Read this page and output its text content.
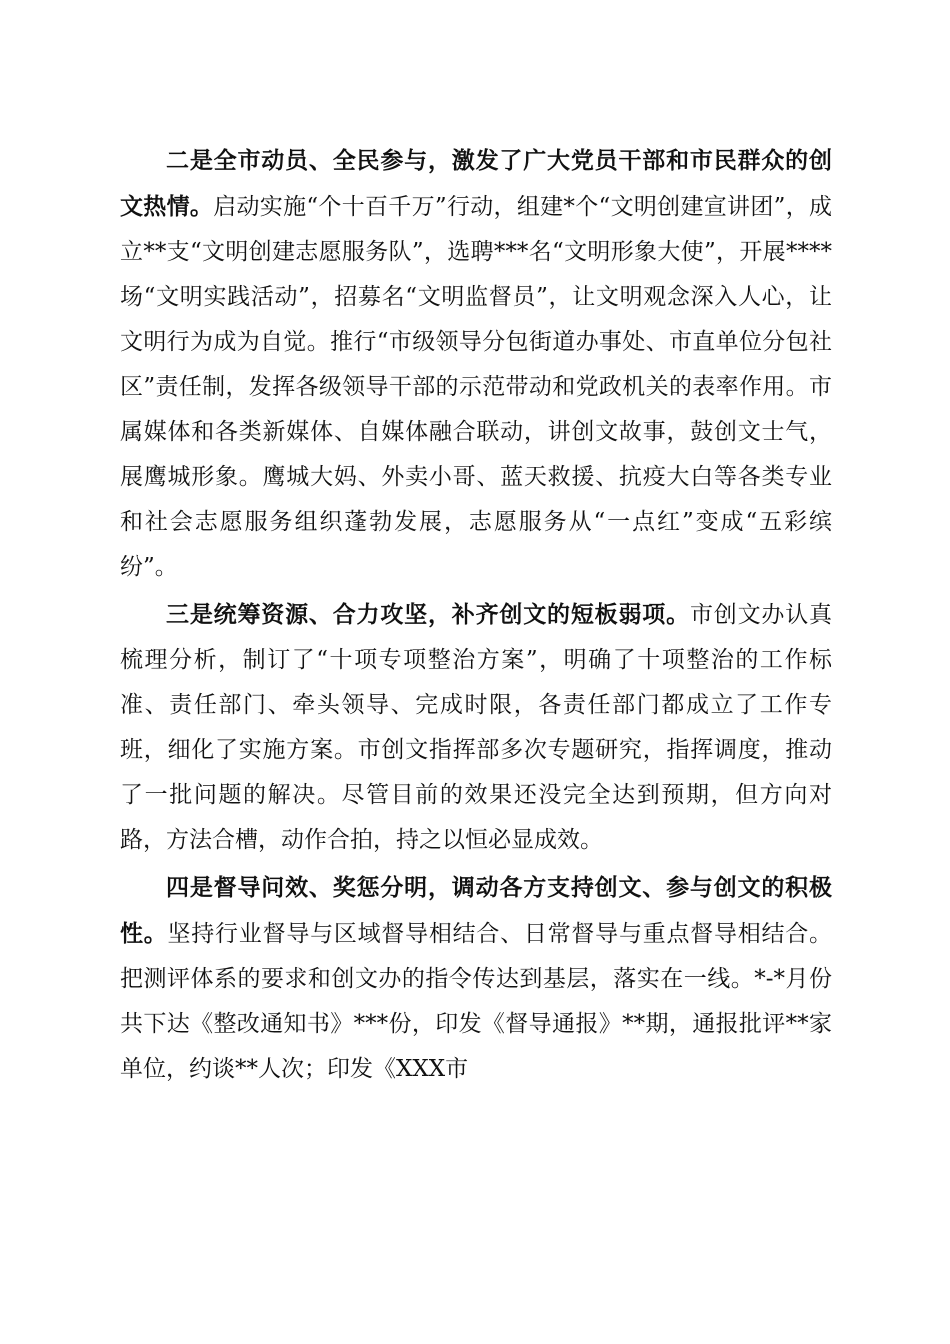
二是全市动员、全民参与，激发了广大党员干部和市民群众的创文热情。启动实施“个十百千万”行动，组建*个“文明创建宣讲团”，成立**支“文明创建志愿服务队”，选聘***名“文明形象大使”，开展****场“文明实践活动”，招募名“文明监督员”，让文明观念深入人心，让文明行为成为自觉。推行“市级领导分包街道办事处、市直单位分包社区”责任制，发挥各级领导干部的示范带动和党政机关的表率作用。市属媒体和各类新媒体、自媒体融合联动，讲创文故事，鼓创文士气，展鹰城形象。鹰城大妈、外卖小哥、蓝天救援、抗疫大白等各类专业和社会志愿服务组织蓬勃发展，志愿服务从“一点红”变成“五彩缤纷”。

三是统筹资源、合力攻坚，补齐创文的短板弱项。市创文办认真梳理分析，制订了“十项专项整治方案”，明确了十项整治的工作标准、责任部门、牵头领导、完成时限，各责任部门都成立了工作专班，细化了实施方案。市创文指挥部多次专题研究，指挥调度，推动了一批问题的解决。尽管目前的效果还没完全达到预期，但方向对路，方法合槽，动作合拍，持之以恒必显成效。

四是督导问效、奖惩分明，调动各方支持创文、参与创文的积极性。坚持行业督导与区域督导相结合、日常督导与重点督导相结合。把测评体系的要求和创文办的指令传达到基层，落实在一线。*-*月份共下达《整改通知书》***份，印发《督导通报》**期，通报批评**家单位，约谈**人次；印发《XXX市
